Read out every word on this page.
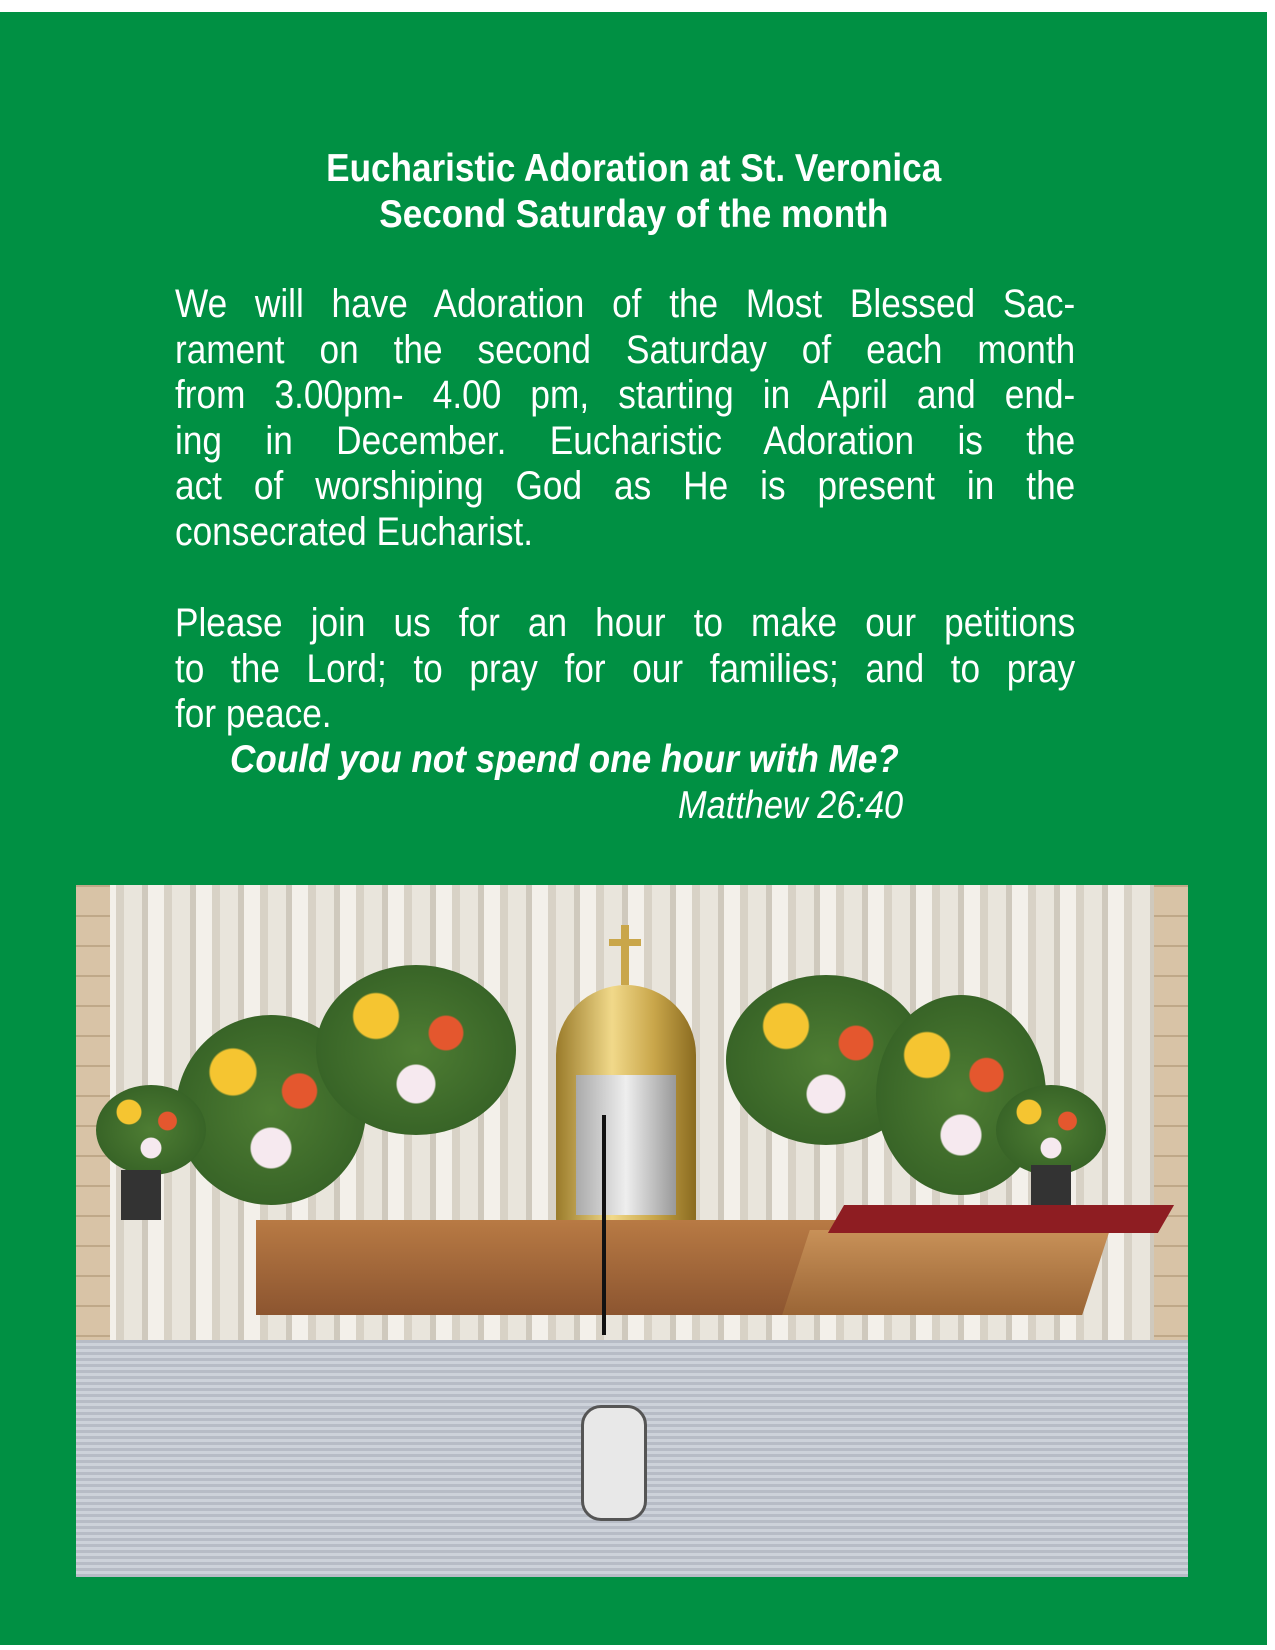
Eucharistic Adoration at St. Veronica
Second Saturday of the month
We will have Adoration of the Most Blessed Sac-
rament on the second Saturday of each month
from 3.00pm- 4.00 pm, starting in April and end-
ing in December. Eucharistic Adoration is the
act of worshiping God as He is present in the
consecrated Eucharist.
Please join us for an hour to make our petitions
to the Lord; to pray for our families; and to pray
for peace.
Could you not spend one hour with Me?
Matthew 26:40
